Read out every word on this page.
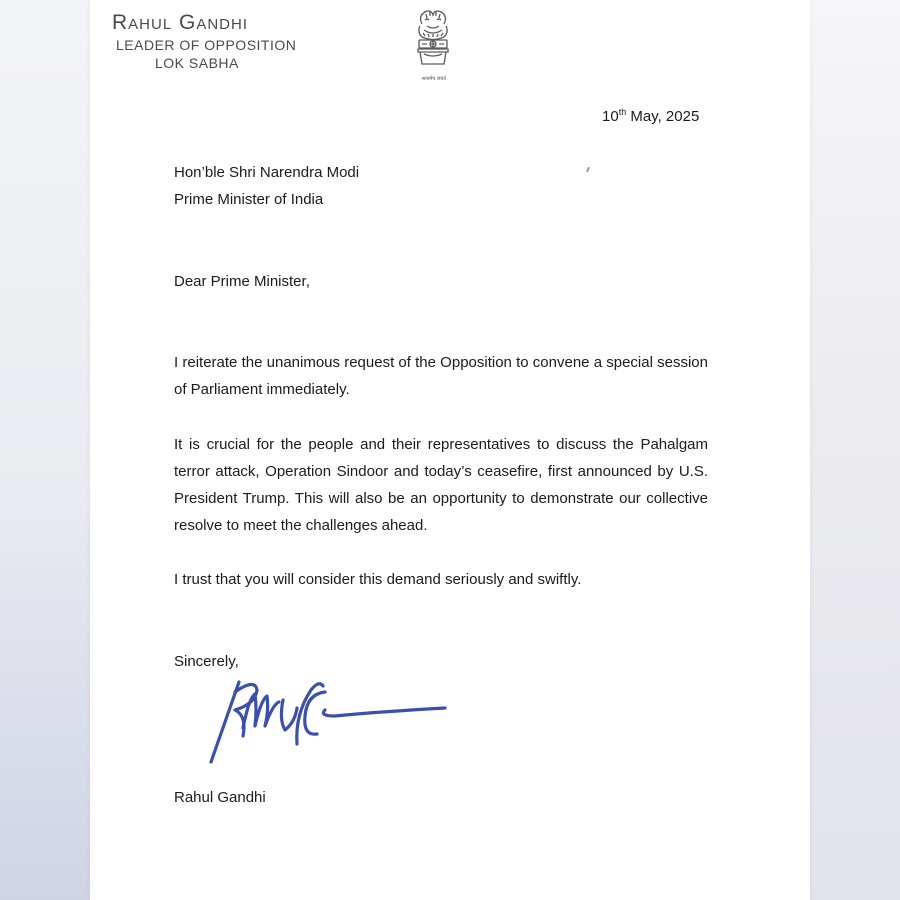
Rahul Gandhi
LEADER OF OPPOSITION
LOK SABHA
सत्यमेव जयते
10th May, 2025
Hon’ble Shri Narendra Modi
Prime Minister of India
Dear Prime Minister,
I reiterate the unanimous request of the Opposition to convene a special session of Parliament immediately.
It is crucial for the people and their representatives to discuss the Pahalgam terror attack, Operation Sindoor and today’s ceasefire, first announced by U.S. President Trump. This will also be an opportunity to demonstrate our collective resolve to meet the challenges ahead.
I trust that you will consider this demand seriously and swiftly.
Sincerely,
Rahul Gandhi
